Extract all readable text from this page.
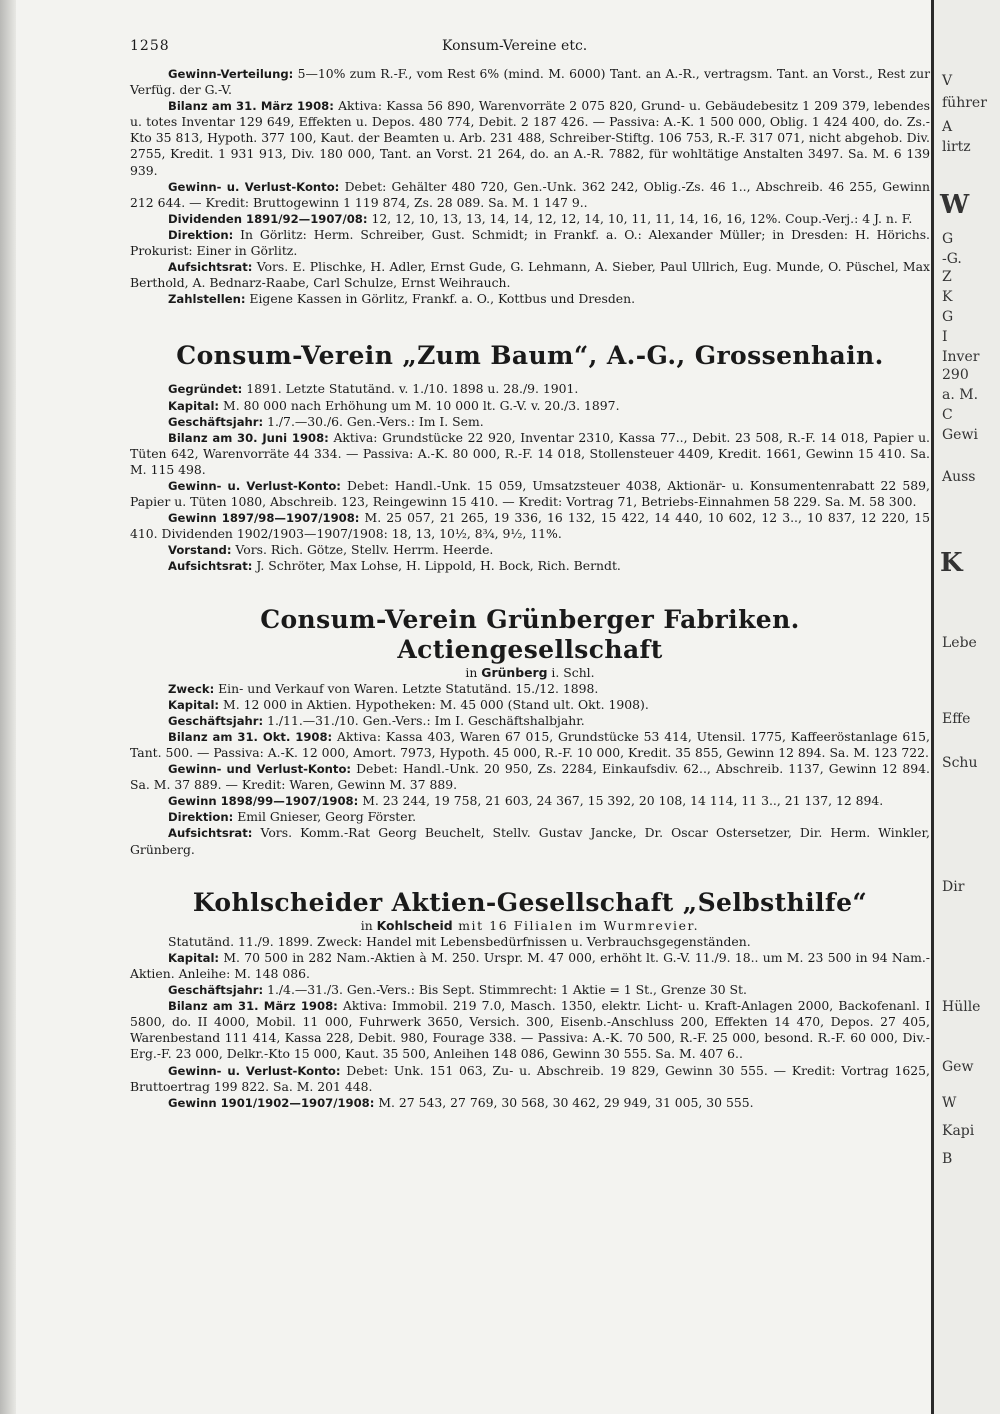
V
führer
A
lirtz
W
G
-G.
Z
K
G
I
Inver
290
a. M.
C
Gewi
Auss
K
Lebe
Effe
Schu
Dir
Hülle
Gew
W
Kapi
B
1258	Konsum-Vereine etc.

Gewinn-Verteilung: 5—10% zum R.-F., vom Rest 6% (mind. M. 6000) Tant. an A.-R., vertragsm. Tant. an Vorst., Rest zur Verfüg. der G.-V.

Bilanz am 31. März 1908: Aktiva: Kassa 56 890, Warenvorräte 2 075 820, Grund- u. Gebäudebesitz 1 209 379, lebendes u. totes Inventar 129 649, Effekten u. Depos. 480 774, Debit. 2 187 426. — Passiva: A.-K. 1 500 000, Oblig. 1 424 400, do. Zs.-Kto 35 813, Hypoth. 377 100, Kaut. der Beamten u. Arb. 231 488, Schreiber-Stiftg. 106 753, R.-F. 317 071, nicht abgehob. Div. 2755, Kredit. 1 931 913, Div. 180 000, Tant. an Vorst. 21 264, do. an A.-R. 7882, für wohltätige Anstalten 3497. Sa. M. 6 139 939.

Gewinn- u. Verlust-Konto: Debet: Gehälter 480 720, Gen.-Unk. 362 242, Oblig.-Zs. 46 1.., Abschreib. 46 255, Gewinn 212 644. — Kredit: Bruttogewinn 1 119 874, Zs. 28 089. Sa. M. 1 147 9..

Dividenden 1891/92—1907/08: 12, 12, 10, 13, 13, 14, 14, 12, 12, 14, 10, 11, 11, 14, 16, 16, 12%. Coup.-Verj.: 4 J. n. F.

Direktion: In Görlitz: Herm. Schreiber, Gust. Schmidt; in Frankf. a. O.: Alexander Müller; in Dresden: H. Hörichs. Prokurist: Einer in Görlitz.

Aufsichtsrat: Vors. E. Plischke, H. Adler, Ernst Gude, G. Lehmann, A. Sieber, Paul Ullrich, Eug. Munde, O. Püschel, Max Berthold, A. Bednarz-Raabe, Carl Schulze, Ernst Weihrauch.

Zahlstellen: Eigene Kassen in Görlitz, Frankf. a. O., Kottbus und Dresden.

Consum-Verein „Zum Baum“, A.-G., Grossenhain.

Gegründet: 1891. Letzte Statutänd. v. 1./10. 1898 u. 28./9. 1901.

Kapital: M. 80 000 nach Erhöhung um M. 10 000 lt. G.-V. v. 20./3. 1897.

Geschäftsjahr: 1./7.—30./6. Gen.-Vers.: Im I. Sem.

Bilanz am 30. Juni 1908: Aktiva: Grundstücke 22 920, Inventar 2310, Kassa 77.., Debit. 23 508, R.-F. 14 018, Papier u. Tüten 642, Warenvorräte 44 334. — Passiva: A.-K. 80 000, R.-F. 14 018, Stollensteuer 4409, Kredit. 1661, Gewinn 15 410. Sa. M. 115 498.

Gewinn- u. Verlust-Konto: Debet: Handl.-Unk. 15 059, Umsatzsteuer 4038, Aktionär- u. Konsumentenrabatt 22 589, Papier u. Tüten 1080, Abschreib. 123, Reingewinn 15 410. — Kredit: Vortrag 71, Betriebs-Einnahmen 58 229. Sa. M. 58 300.

Gewinn 1897/98—1907/1908: M. 25 057, 21 265, 19 336, 16 132, 15 422, 14 440, 10 602, 12 3.., 10 837, 12 220, 15 410. Dividenden 1902/1903—1907/1908: 18, 13, 10½, 8¾, 9½, 11%.

Vorstand: Vors. Rich. Götze, Stellv. Herrm. Heerde.

Aufsichtsrat: J. Schröter, Max Lohse, H. Lippold, H. Bock, Rich. Berndt.

Consum-Verein Grünberger Fabriken. Actiengesellschaft

in Grünberg i. Schl.

Zweck: Ein- und Verkauf von Waren. Letzte Statutänd. 15./12. 1898.

Kapital: M. 12 000 in Aktien. Hypotheken: M. 45 000 (Stand ult. Okt. 1908).

Geschäftsjahr: 1./11.—31./10. Gen.-Vers.: Im I. Geschäftshalbjahr.

Bilanz am 31. Okt. 1908: Aktiva: Kassa 403, Waren 67 015, Grundstücke 53 414, Utensil. 1775, Kaffeeröstanlage 615, Tant. 500. — Passiva: A.-K. 12 000, Amort. 7973, Hypoth. 45 000, R.-F. 10 000, Kredit. 35 855, Gewinn 12 894. Sa. M. 123 722.

Gewinn- und Verlust-Konto: Debet: Handl.-Unk. 20 950, Zs. 2284, Einkaufsdiv. 62.., Abschreib. 1137, Gewinn 12 894. Sa. M. 37 889. — Kredit: Waren, Gewinn M. 37 889.

Gewinn 1898/99—1907/1908: M. 23 244, 19 758, 21 603, 24 367, 15 392, 20 108, 14 114, 11 3.., 21 137, 12 894.

Direktion: Emil Gnieser, Georg Förster.

Aufsichtsrat: Vors. Komm.-Rat Georg Beuchelt, Stellv. Gustav Jancke, Dr. Oscar Ostersetzer, Dir. Herm. Winkler, Grünberg.

Kohlscheider Aktien-Gesellschaft „Selbsthilfe“

in Kohlscheid mit 16 Filialen im Wurmrevier.

Statutänd. 11./9. 1899. Zweck: Handel mit Lebensbedürfnissen u. Verbrauchsgegenständen.

Kapital: M. 70 500 in 282 Nam.-Aktien à M. 250. Urspr. M. 47 000, erhöht lt. G.-V. 11./9. 18.. um M. 23 500 in 94 Nam.-Aktien. Anleihe: M. 148 086.

Geschäftsjahr: 1./4.—31./3. Gen.-Vers.: Bis Sept. Stimmrecht: 1 Aktie = 1 St., Grenze 30 St.

Bilanz am 31. März 1908: Aktiva: Immobil. 219 7.0, Masch. 1350, elektr. Licht- u. Kraft-Anlagen 2000, Backofenanl. I 5800, do. II 4000, Mobil. 11 000, Fuhrwerk 3650, Versich. 300, Eisenb.-Anschluss 200, Effekten 14 470, Depos. 27 405, Warenbestand 111 414, Kassa 228, Debit. 980, Fourage 338. — Passiva: A.-K. 70 500, R.-F. 25 000, besond. R.-F. 60 000, Div.-Erg.-F. 23 000, Delkr.-Kto 15 000, Kaut. 35 500, Anleihen 148 086, Gewinn 30 555. Sa. M. 407 6..

Gewinn- u. Verlust-Konto: Debet: Unk. 151 063, Zu- u. Abschreib. 19 829, Gewinn 30 555. — Kredit: Vortrag 1625, Bruttoertrag 199 822. Sa. M. 201 448.

Gewinn 1901/1902—1907/1908: M. 27 543, 27 769, 30 568, 30 462, 29 949, 31 005, 30 555.
